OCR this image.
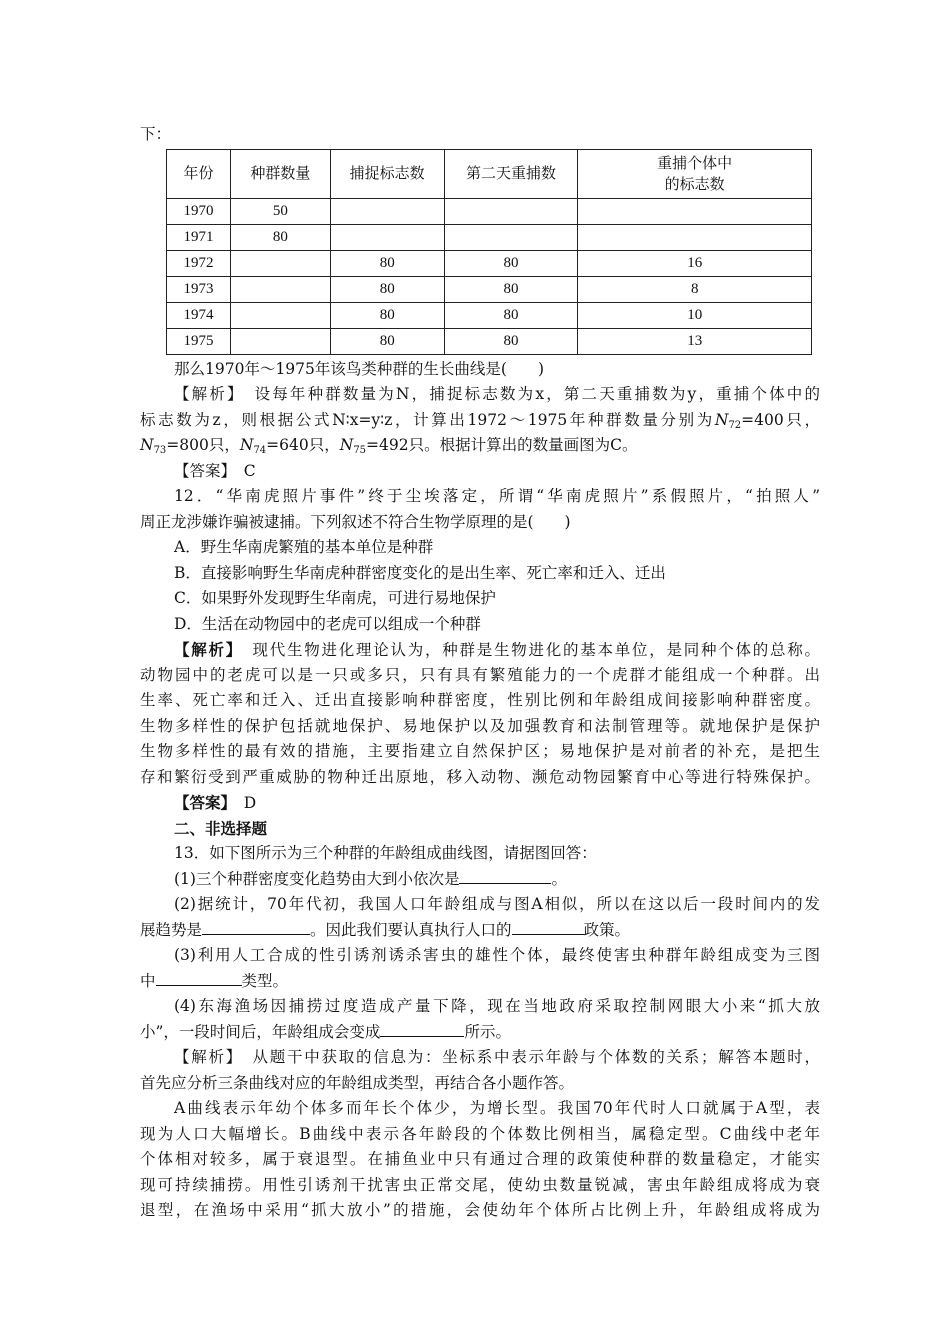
下：
年份	种群数量	捕捉标志数	第二天重捕数	重捕个体中
的标志数

1970	50			
1971	80			
1972		80	80	16
1973		80	80	8
1974		80	80	10
1975		80	80	13
那么1970年～1975年该鸟类种群的生长曲线是(　　)
【解析】　设每年种群数量为N，捕捉标志数为x，第二天重捕数为y，重捕个体中的
标志数为z，则根据公式N∶x=y∶z，计算出1972～1975年种群数量分别为$N_{72}=400$只，
$N_{73}=800$只，$N_{74}=640$只，$N_{75}=492$只。根据计算出的数量画图为C。
【答案】　C
12．“华南虎照片事件”终于尘埃落定，所谓“华南虎照片”系假照片，“拍照人”
周正龙涉嫌诈骗被逮捕。下列叙述不符合生物学原理的是(　　)
A．野生华南虎繁殖的基本单位是种群
B．直接影响野生华南虎种群密度变化的是出生率、死亡率和迁入、迁出
C．如果野外发现野生华南虎，可进行易地保护
D．生活在动物园中的老虎可以组成一个种群
【解析】　现代生物进化理论认为，种群是生物进化的基本单位，是同种个体的总称。
动物园中的老虎可以是一只或多只，只有具有繁殖能力的一个虎群才能组成一个种群。出
生率、死亡率和迁入、迁出直接影响种群密度，性别比例和年龄组成间接影响种群密度。
生物多样性的保护包括就地保护、易地保护以及加强教育和法制管理等。就地保护是保护
生物多样性的最有效的措施，主要指建立自然保护区；易地保护是对前者的补充，是把生
存和繁衍受到严重威胁的物种迁出原地，移入动物、濒危动物园繁育中心等进行特殊保护。
【答案】　D
二、非选择题
13．如下图所示为三个种群的年龄组成曲线图，请据图回答：
(1)三个种群密度变化趋势由大到小依次是	。
(2)据统计，70年代初，我国人口年龄组成与图A相似，所以在这以后一段时间内的发
展趋势是	。因此我们要认真执行人口的	政策。
(3)利用人工合成的性引诱剂诱杀害虫的雄性个体，最终使害虫种群年龄组成变为三图
中	类型。
(4)东海渔场因捕捞过度造成产量下降，现在当地政府采取控制网眼大小来“抓大放
小”，一段时间后，年龄组成会变成	所示。
【解析】　从题干中获取的信息为：坐标系中表示年龄与个体数的关系；解答本题时，
首先应分析三条曲线对应的年龄组成类型，再结合各小题作答。
A曲线表示年幼个体多而年长个体少，为增长型。我国70年代时人口就属于A型，表
现为人口大幅增长。B曲线中表示各年龄段的个体数比例相当，属稳定型。C曲线中老年
个体相对较多，属于衰退型。在捕鱼业中只有通过合理的政策使种群的数量稳定，才能实
现可持续捕捞。用性引诱剂干扰害虫正常交尾，使幼虫数量锐减，害虫年龄组成将成为衰
退型，在渔场中采用“抓大放小”的措施，会使幼年个体所占比例上升，年龄组成将成为
